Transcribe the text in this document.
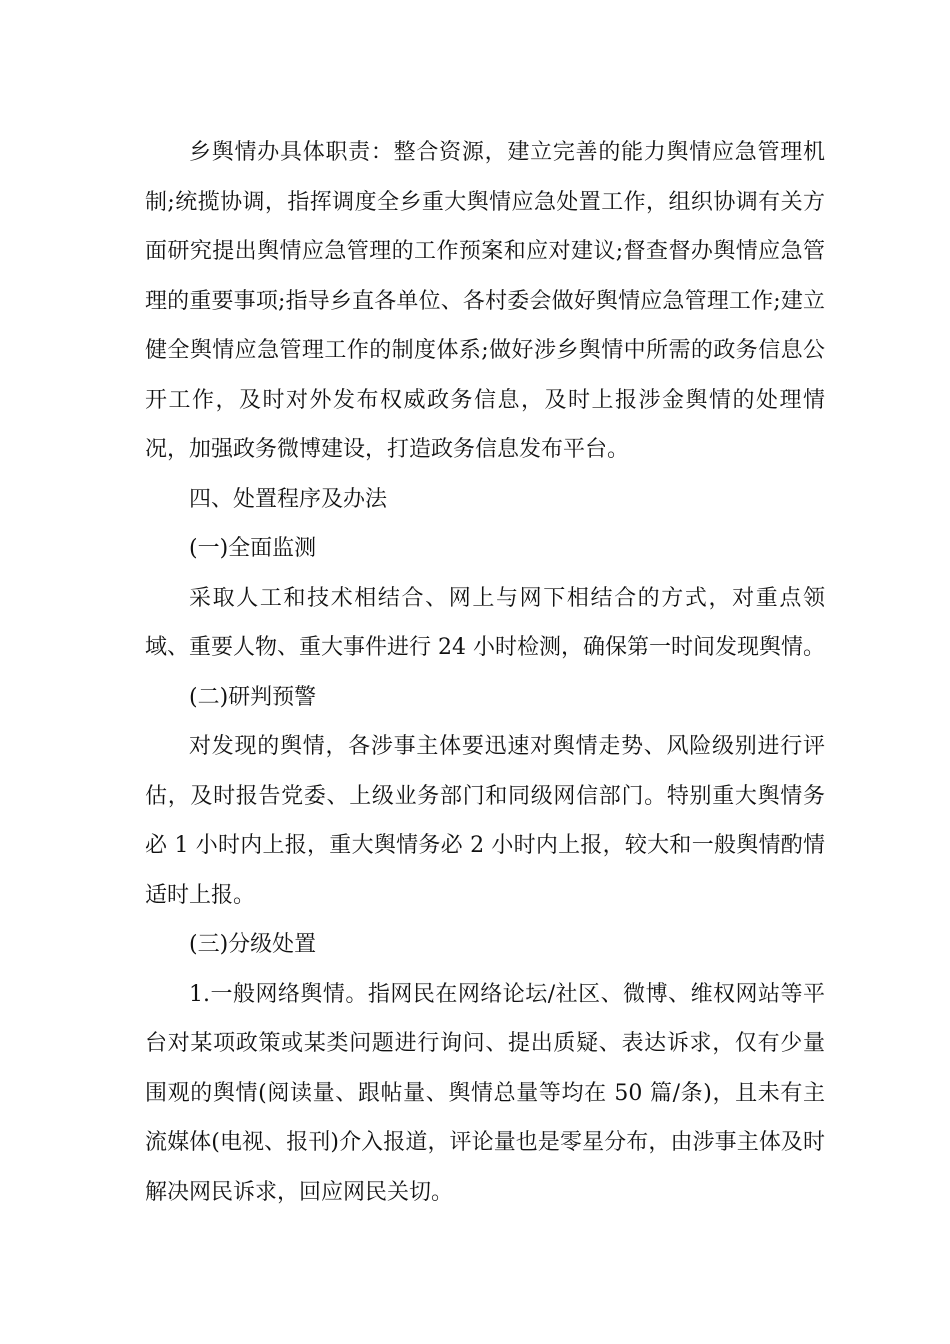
乡舆情办具体职责：整合资源，建立完善的能力舆情应急管理机制;统揽协调，指挥调度全乡重大舆情应急处置工作，组织协调有关方面研究提出舆情应急管理的工作预案和应对建议;督查督办舆情应急管理的重要事项;指导乡直各单位、各村委会做好舆情应急管理工作;建立健全舆情应急管理工作的制度体系;做好涉乡舆情中所需的政务信息公开工作，及时对外发布权威政务信息，及时上报涉金舆情的处理情况，加强政务微博建设，打造政务信息发布平台。

四、处置程序及办法

(一)全面监测

采取人工和技术相结合、网上与网下相结合的方式，对重点领域、重要人物、重大事件进行 24 小时检测，确保第一时间发现舆情。

(二)研判预警

对发现的舆情，各涉事主体要迅速对舆情走势、风险级别进行评估，及时报告党委、上级业务部门和同级网信部门。特别重大舆情务必 1 小时内上报，重大舆情务必 2 小时内上报，较大和一般舆情酌情适时上报。

(三)分级处置

1.一般网络舆情。指网民在网络论坛/社区、微博、维权网站等平台对某项政策或某类问题进行询问、提出质疑、表达诉求，仅有少量围观的舆情(阅读量、跟帖量、舆情总量等均在 50 篇/条)，且未有主流媒体(电视、报刊)介入报道，评论量也是零星分布，由涉事主体及时解决网民诉求，回应网民关切。
